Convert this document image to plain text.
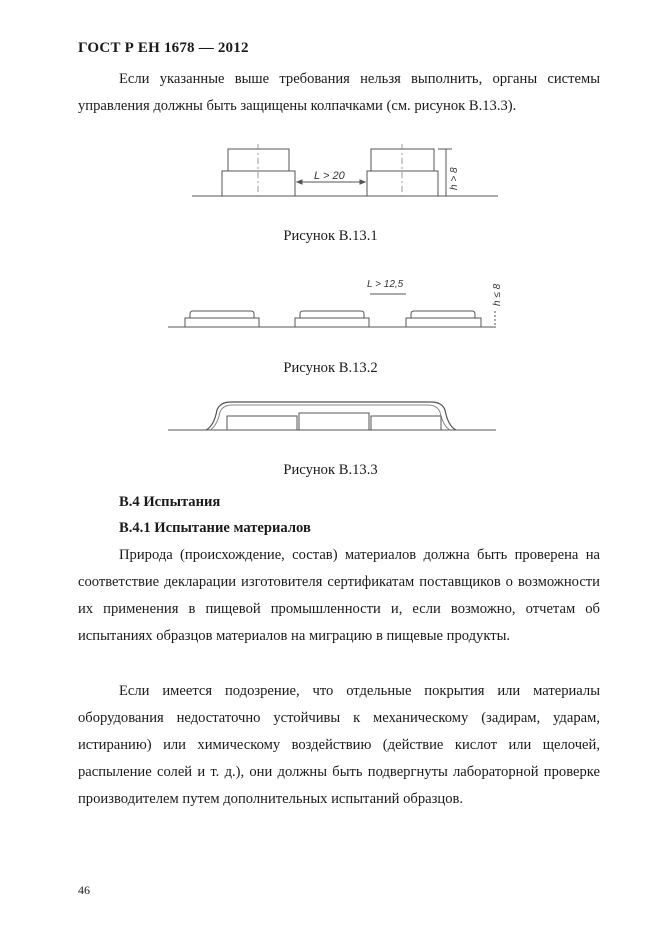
ГОСТ Р ЕН 1678 — 2012

Если указанные выше требования нельзя выполнить, органы системы управления должны быть защищены колпачками (см. рисунок В.13.3).

L > 20	h > 8
Рисунок В.13.1
L > 12,5	h ≤ 8
Рисунок В.13.2
Рисунок В.13.3
В.4 Испытания
В.4.1 Испытание материалов

Природа (происхождение, состав) материалов должна быть проверена на соответствие декларации изготовителя сертификатам поставщиков о возможности их применения в пищевой промышленности и, если возможно, отчетам об испытаниях образцов материалов на миграцию в пищевые продукты.

Если имеется подозрение, что отдельные покрытия или материалы оборудования недостаточно устойчивы к механическому (задирам, ударам, истиранию) или химическому воздействию (действие кислот или щелочей, распыление солей и т. д.), они должны быть подвергнуты лабораторной проверке производителем путем дополнительных испытаний образцов.

46
